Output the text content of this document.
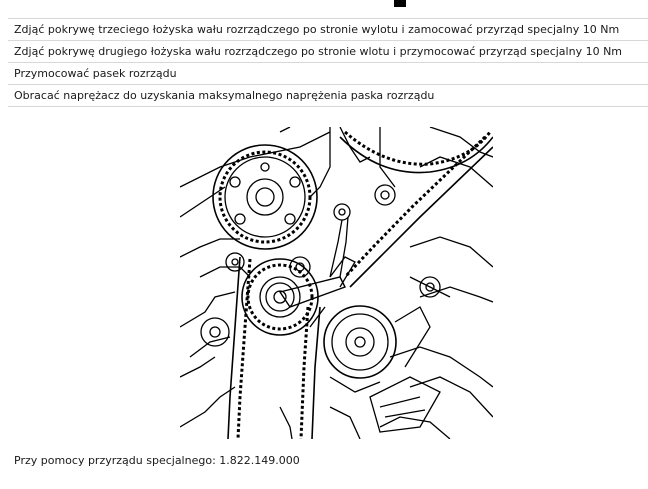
Zdjąć pokrywę trzeciego łożyska wału rozrządczego po stronie wylotu i zamocować przyrząd specjalny 10 Nm
Zdjąć pokrywę drugiego łożyska wału rozrządczego po stronie wlotu i przymocować przyrząd specjalny 10 Nm
Przymocować pasek rozrządu
Obracać naprężacz do uzyskania maksymalnego naprężenia paska rozrządu
Przy pomocy przyrządu specjalnego: 1.822.149.000
